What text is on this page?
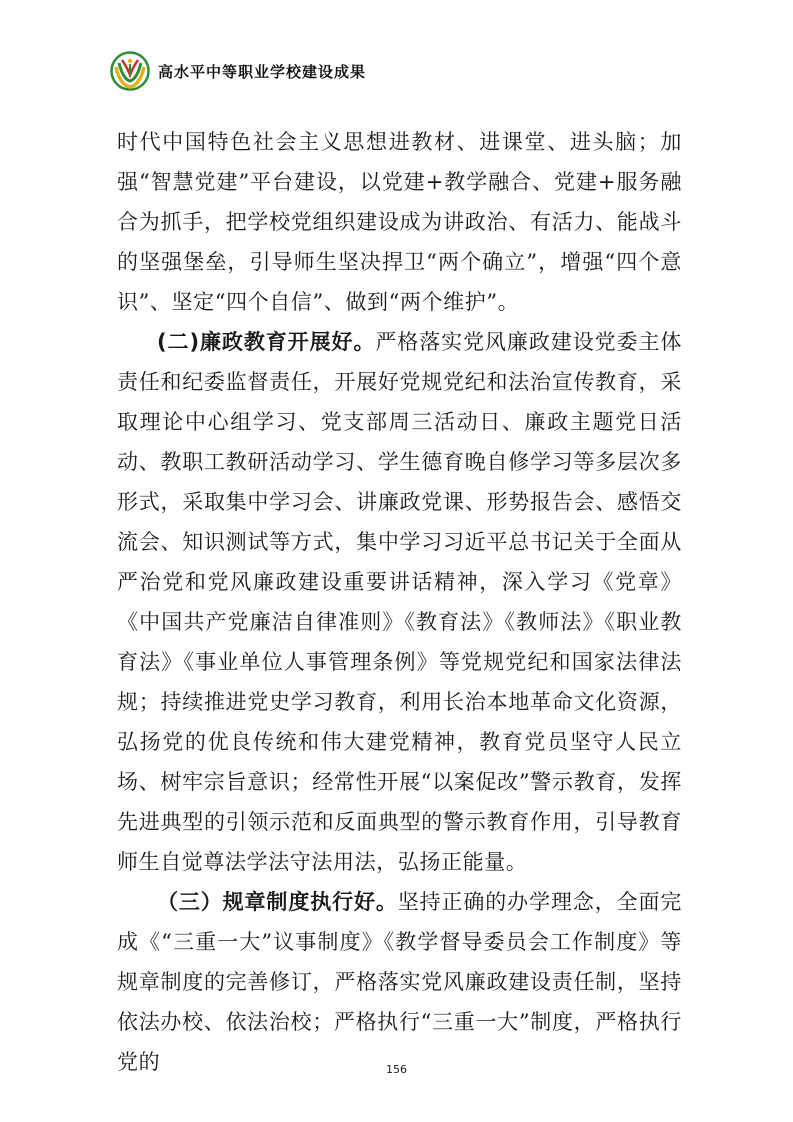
高水平中等职业学校建设成果

时代中国特色社会主义思想进教材、进课堂、进头脑；加强“智慧党建”平台建设，以党建+教学融合、党建+服务融合为抓手，把学校党组织建设成为讲政治、有活力、能战斗的坚强堡垒，引导师生坚决捍卫“两个确立”，增强“四个意识”、坚定“四个自信”、做到“两个维护”。

(二)廉政教育开展好。严格落实党风廉政建设党委主体责任和纪委监督责任，开展好党规党纪和法治宣传教育，采取理论中心组学习、党支部周三活动日、廉政主题党日活动、教职工教研活动学习、学生德育晚自修学习等多层次多形式，采取集中学习会、讲廉政党课、形势报告会、感悟交流会、知识测试等方式，集中学习习近平总书记关于全面从严治党和党风廉政建设重要讲话精神，深入学习《党章》《中国共产党廉洁自律准则》《教育法》《教师法》《职业教育法》《事业单位人事管理条例》等党规党纪和国家法律法规；持续推进党史学习教育，利用长治本地革命文化资源，弘扬党的优良传统和伟大建党精神，教育党员坚守人民立场、树牢宗旨意识；经常性开展“以案促改”警示教育，发挥先进典型的引领示范和反面典型的警示教育作用，引导教育师生自觉尊法学法守法用法，弘扬正能量。

（三）规章制度执行好。坚持正确的办学理念，全面完成《“三重一大”议事制度》《教学督导委员会工作制度》等规章制度的完善修订，严格落实党风廉政建设责任制，坚持依法办校、依法治校；严格执行“三重一大”制度，严格执行党的	156
